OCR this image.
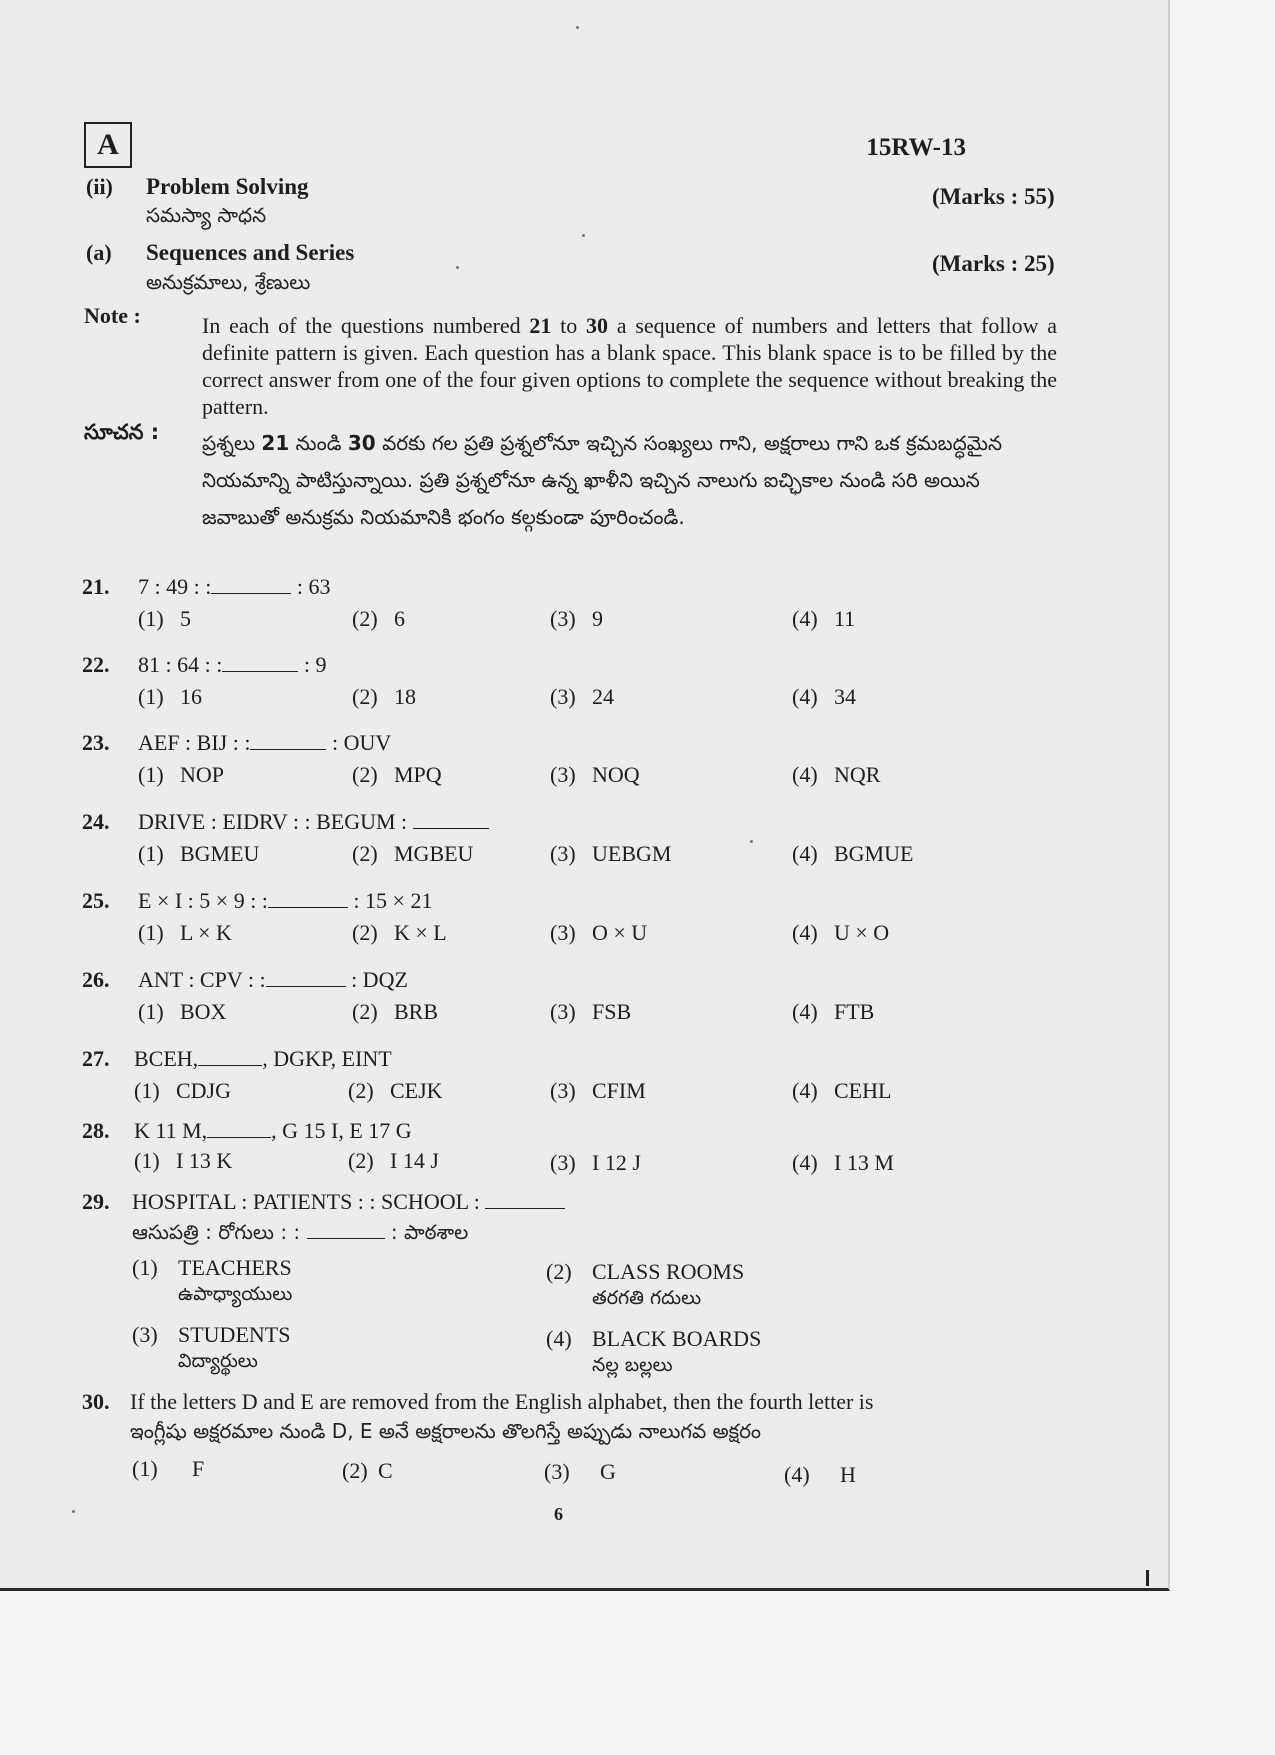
A	15RW-13
(ii) Problem Solving
సమస్యా సాధన
(Marks : 55)
(a) Sequences and Series
అనుక్రమాలు, శ్రేణులు
(Marks : 25)
Note :	In each of the questions numbered 21 to 30 a sequence of numbers and letters that follow a definite pattern is given. Each question has a blank space. This blank space is to be filled by the correct answer from one of the four given options to complete the sequence without breaking the pattern.
సూచన : ప్రశ్నలు 21 నుండి 30 వరకు గల ప్రతి ప్రశ్నలోనూ ఇచ్చిన సంఖ్యలు గాని, అక్షరాలు గాని ఒక క్రమబద్ధమైన నియమాన్ని పాటిస్తున్నాయి. ప్రతి ప్రశ్నలోనూ ఉన్న ఖాళీని ఇచ్చిన నాలుగు ఐచ్ఛికాల నుండి సరి అయిన జవాబుతో అనుక్రమ నియమానికి భంగం కల్గకుండా పూరించండి.
21. 7 : 49 : :	: 63
(1) 5	(2) 6	(3) 9	(4) 11
22. 81 : 64 : :	: 9
(1) 16	(2) 18	(3) 24	(4) 34
23. AEF : BIJ : :	: OUV
(1) NOP	(2) MPQ	(3) NOQ	(4) NQR
24. DRIVE : EIDRV : : BEGUM :
(1) BGMEU	(2) MGBEU	(3) UEBGM	(4) BGMUE
25. E × I : 5 × 9 : :	: 15 × 21
(1) L × K	(2) K × L	(3) O × U	(4) U × O
26. ANT : CPV : :	: DQZ
(1) BOX	(2) BRB	(3) FSB	(4) FTB
27. BCEH,	, DGKP, EINT
(1) CDJG	(2) CEJK	(3) CFIM	(4) CEHL
28. K 11 M,	, G 15 I, E 17 G
(1) I 13 K	(2) I 14 J	(3) I 12 J	(4) I 13 M
29. HOSPITAL : PATIENTS : : SCHOOL :
ఆసుపత్రి : రోగులు : :	: పాఠశాల
(1) TEACHERS
ఉపాధ్యాయులు
(2) CLASS ROOMS
తరగతి గదులు
(3) STUDENTS
విద్యార్థులు
(4) BLACK BOARDS
నల్ల బల్లలు
30. If the letters D and E are removed from the English alphabet, then the fourth letter is
ఇంగ్లీషు అక్షరమాల నుండి D, E అనే అక్షరాలను తొలగిస్తే అప్పుడు నాలుగవ అక్షరం
(1) F	(2) C	(3) G	(4) H
6
